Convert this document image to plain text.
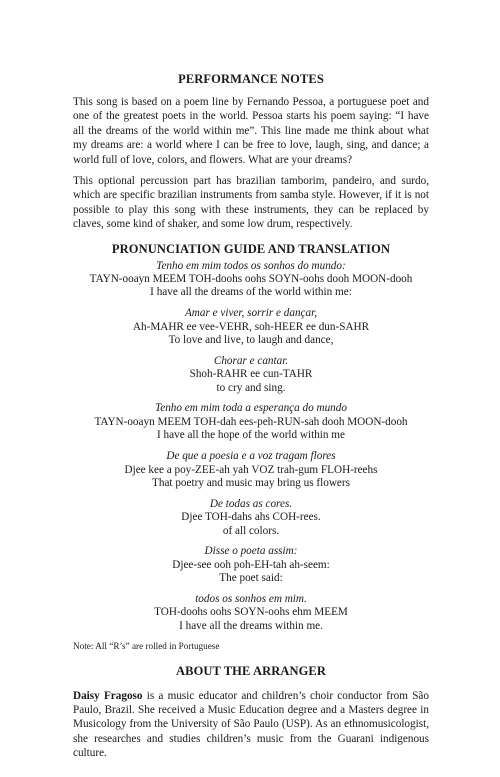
PERFORMANCE NOTES

This song is based on a poem line by Fernando Pessoa, a portuguese poet and one of the greatest poets in the world. Pessoa starts his poem saying: “I have all the dreams of the world within me”. This line made me think about what my dreams are: a world where I can be free to love, laugh, sing, and dance; a world full of love, colors, and flowers. What are your dreams?

This optional percussion part has brazilian tamborim, pandeiro, and surdo, which are specific brazilian instruments from samba style. However, if it is not possible to play this song with these instruments, they can be replaced by claves, some kind of shaker, and some low drum, respectively.

PRONUNCIATION GUIDE AND TRANSLATION
Tenho em mim todos os sonhos do mundo:
TAYN-ooayn MEEM TOH-doohs oohs SOYN-oohs dooh MOON-dooh
I have all the dreams of the world within me:
Amar e viver, sorrir e dançar,
Ah-MAHR ee vee-VEHR, soh-HEER ee dun-SAHR
To love and live, to laugh and dance,
Chorar e cantar.
Shoh-RAHR ee cun-TAHR
to cry and sing.
Tenho em mim toda a esperança do mundo
TAYN-ooayn MEEM TOH-dah ees-peh-RUN-sah dooh MOON-dooh
I have all the hope of the world within me
De que a poesia e a voz tragam flores
Djee kee a poy-ZEE-ah yah VOZ trah-gum FLOH-reehs
That poetry and music may bring us flowers
De todas as cores.
Djee TOH-dahs ahs COH-rees.
of all colors.
Disse o poeta assim:
Djee-see ooh poh-EH-tah ah-seem:
The poet said:
todos os sonhos em mim.
TOH-doohs oohs SOYN-oohs ehm MEEM
I have all the dreams within me.
Note: All “R’s” are rolled in Portuguese
ABOUT THE ARRANGER

Daisy Fragoso is a music educator and children’s choir conductor from São Paulo, Brazil. She received a Music Education degree and a Masters degree in Musicology from the University of São Paulo (USP). As an ethnomusicologist, she researches and studies children’s music from the Guarani indigenous culture.
